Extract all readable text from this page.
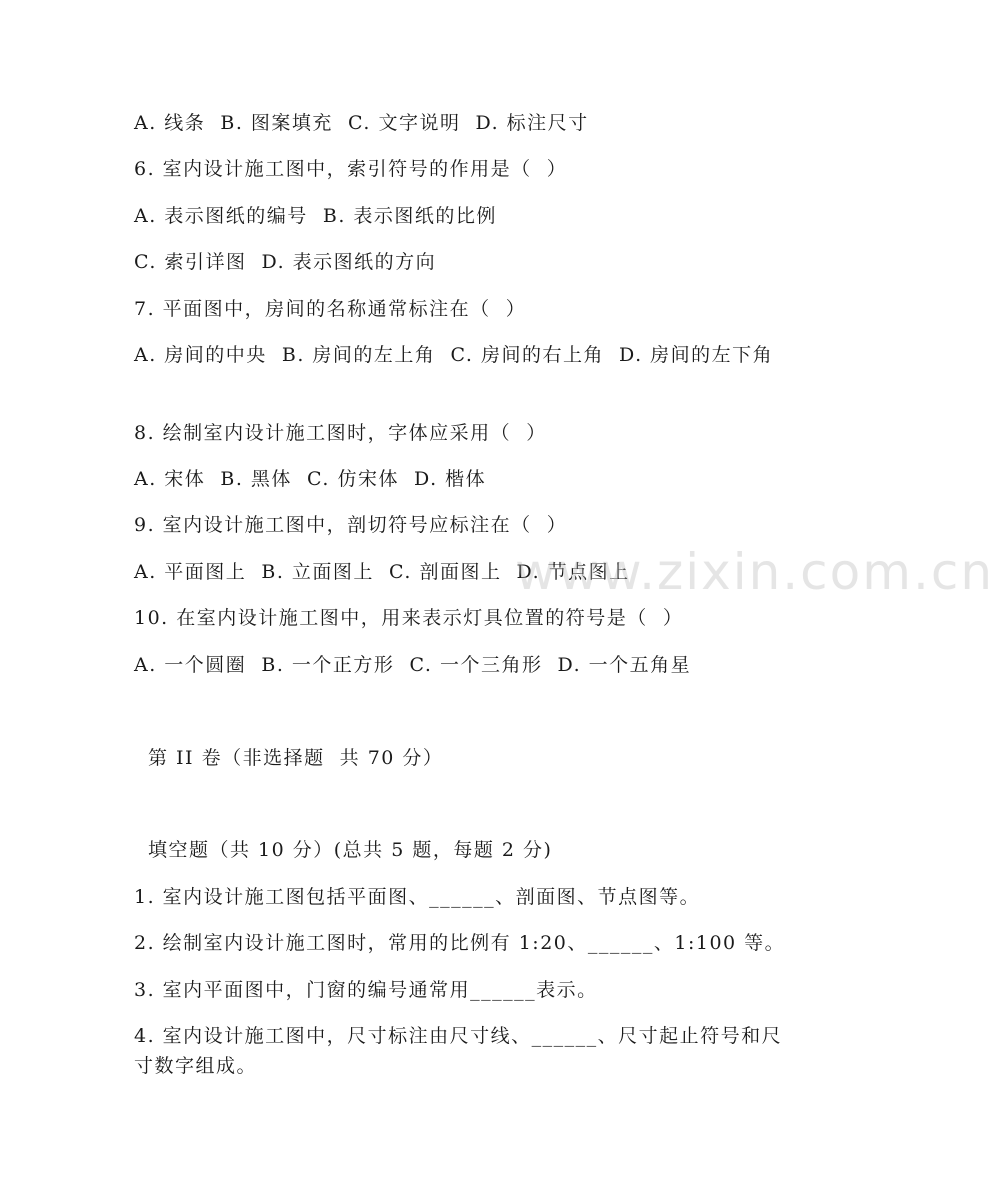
A. 线条  B. 图案填充  C. 文字说明  D. 标注尺寸
6. 室内设计施工图中，索引符号的作用是（  ）
A. 表示图纸的编号  B. 表示图纸的比例
C. 索引详图  D. 表示图纸的方向
7. 平面图中，房间的名称通常标注在（  ）
A. 房间的中央  B. 房间的左上角  C. 房间的右上角  D. 房间的左下角
8. 绘制室内设计施工图时，字体应采用（  ）
A. 宋体  B. 黑体  C. 仿宋体  D. 楷体
9. 室内设计施工图中，剖切符号应标注在（  ）
A. 平面图上  B. 立面图上  C. 剖面图上  D. 节点图上
10. 在室内设计施工图中，用来表示灯具位置的符号是（  ）
A. 一个圆圈  B. 一个正方形  C. 一个三角形  D. 一个五角星
第 II 卷（非选择题  共 70 分）
填空题（共 10 分）(总共 5 题，每题 2 分)
1. 室内设计施工图包括平面图、______、剖面图、节点图等。
2. 绘制室内设计施工图时，常用的比例有 1:20、______、1:100 等。
3. 室内平面图中，门窗的编号通常用______表示。
4. 室内设计施工图中，尺寸标注由尺寸线、______、尺寸起止符号和尺寸数字组成。
www.zixin.com.cn
